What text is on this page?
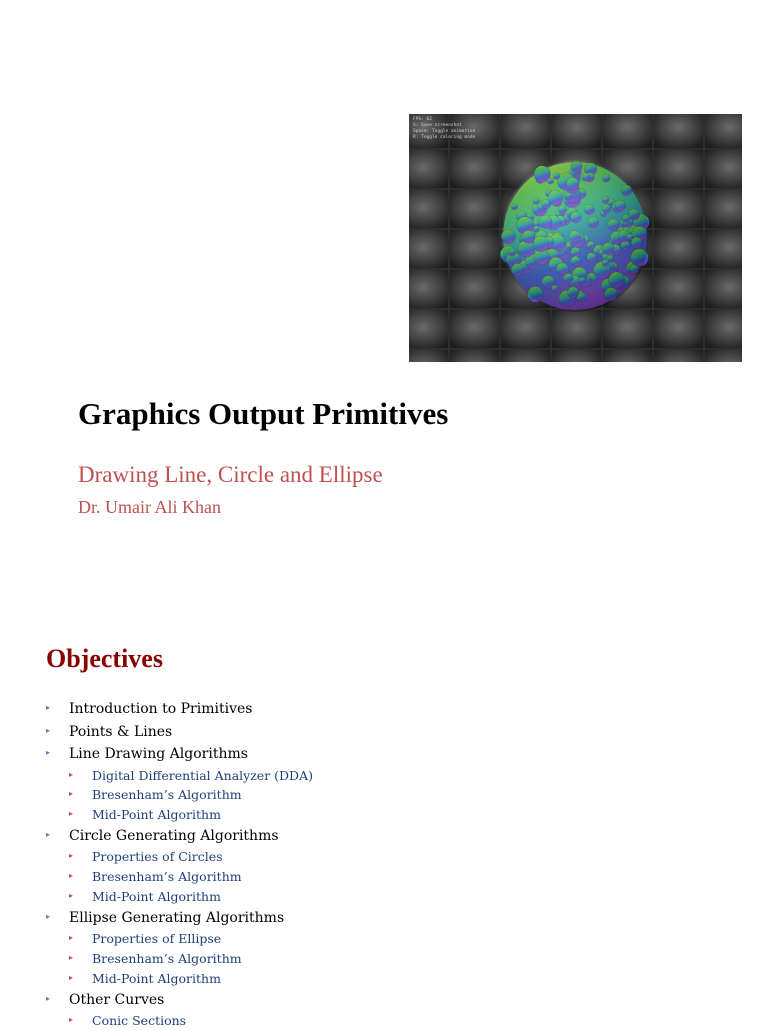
FPS: 62
S: Save screenshot
Space: Toggle animation
R: Toggle coloring mode
Graphics Output Primitives
Drawing Line, Circle and Ellipse
Dr. Umair Ali Khan
Objectives
▸ Introduction to Primitives
▸ Points & Lines
▸ Line Drawing Algorithms
▸ Digital Differential Analyzer (DDA)
▸ Bresenham’s Algorithm
▸ Mid-Point Algorithm
▸ Circle Generating Algorithms
▸ Properties of Circles
▸ Bresenham’s Algorithm
▸ Mid-Point Algorithm
▸ Ellipse Generating Algorithms
▸ Properties of Ellipse
▸ Bresenham’s Algorithm
▸ Mid-Point Algorithm
▸ Other Curves
▸ Conic Sections
